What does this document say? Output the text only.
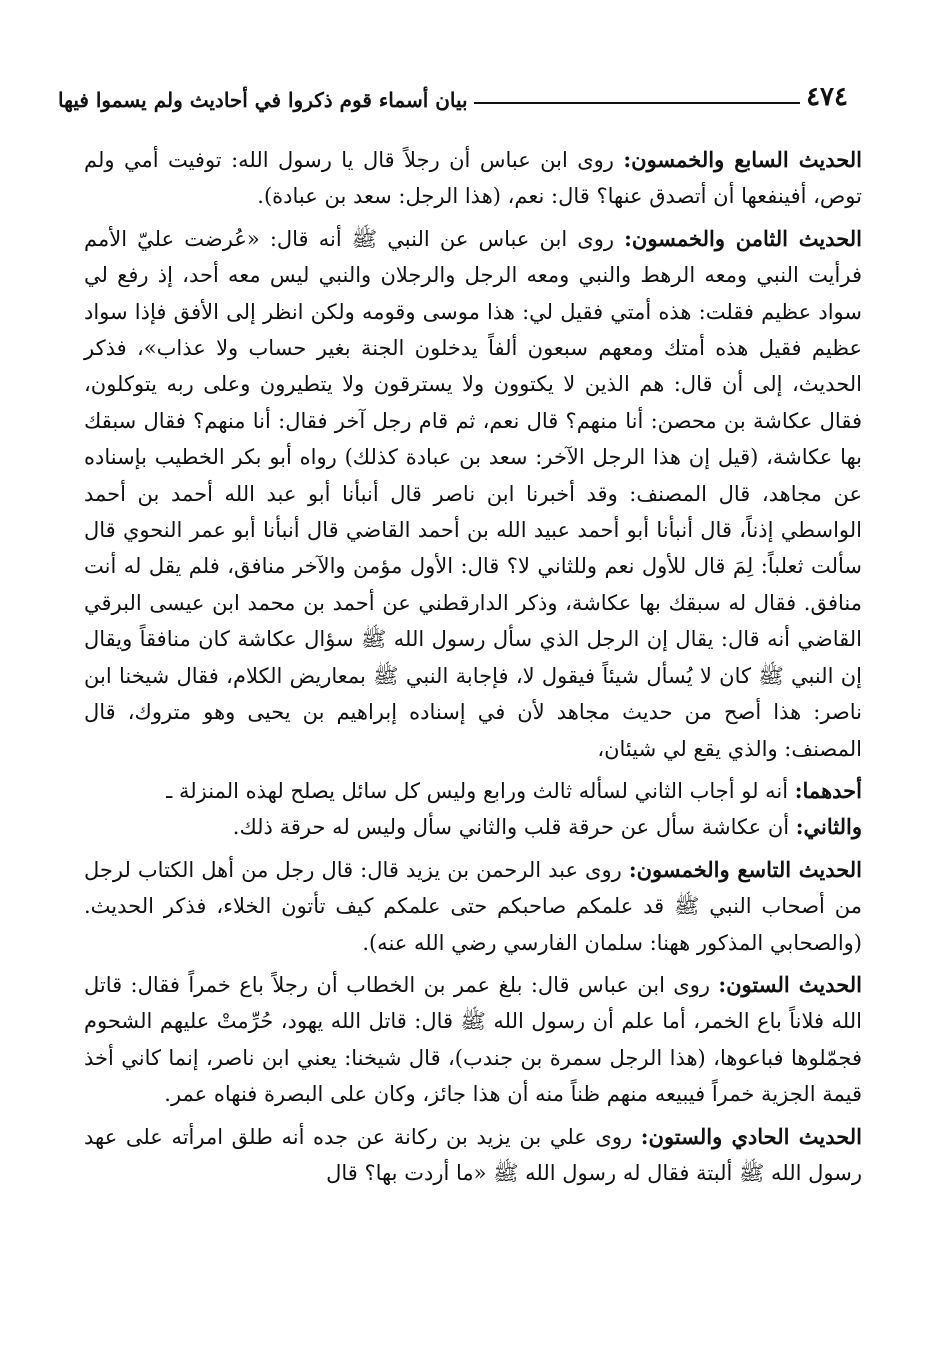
٤٧٤
بيان أسماء قوم ذكروا في أحاديث ولم يسموا فيها

الحديث السابع والخمسون: روى ابن عباس أن رجلاً قال يا رسول الله: توفيت أمي ولم توص، أفينفعها أن أتصدق عنها؟ قال: نعم، (هذا الرجل: سعد بن عبادة).

الحديث الثامن والخمسون: روى ابن عباس عن النبي ﷺ أنه قال: «عُرضت عليّ الأمم فرأيت النبي ومعه الرهط والنبي ومعه الرجل والرجلان والنبي ليس معه أحد، إذ رفع لي سواد عظيم فقلت: هذه أمتي فقيل لي: هذا موسى وقومه ولكن انظر إلى الأفق فإذا سواد عظيم فقيل هذه أمتك ومعهم سبعون ألفاً يدخلون الجنة بغير حساب ولا عذاب»، فذكر الحديث، إلى أن قال: هم الذين لا يكتوون ولا يسترقون ولا يتطيرون وعلى ربه يتوكلون، فقال عكاشة بن محصن: أنا منهم؟ قال نعم، ثم قام رجل آخر فقال: أنا منهم؟ فقال سبقك بها عكاشة، (قيل إن هذا الرجل الآخر: سعد بن عبادة كذلك) رواه أبو بكر الخطيب بإسناده عن مجاهد، قال المصنف: وقد أخبرنا ابن ناصر قال أنبأنا أبو عبد الله أحمد بن أحمد الواسطي إذناً، قال أنبأنا أبو أحمد عبيد الله بن أحمد القاضي قال أنبأنا أبو عمر النحوي قال سألت ثعلباً: لِمَ قال للأول نعم وللثاني لا؟ قال: الأول مؤمن والآخر منافق، فلم يقل له أنت منافق. فقال له سبقك بها عكاشة، وذكر الدارقطني عن أحمد بن محمد ابن عيسى البرقي القاضي أنه قال: يقال إن الرجل الذي سأل رسول الله ﷺ سؤال عكاشة كان منافقاً ويقال إن النبي ﷺ كان لا يُسأل شيئاً فيقول لا، فإجابة النبي ﷺ بمعاريض الكلام، فقال شيخنا ابن ناصر: هذا أصح من حديث مجاهد لأن في إسناده إبراهيم بن يحيى وهو متروك، قال المصنف: والذي يقع لي شيئان،

أحدهما: أنه لو أجاب الثاني لسأله ثالث ورابع وليس كل سائل يصلح لهذه المنزلة ـ

والثاني: أن عكاشة سأل عن حرقة قلب والثاني سأل وليس له حرقة ذلك.

الحديث التاسع والخمسون: روى عبد الرحمن بن يزيد قال: قال رجل من أهل الكتاب لرجل من أصحاب النبي ﷺ قد علمكم صاحبكم حتى علمكم كيف تأتون الخلاء، فذكر الحديث. (والصحابي المذكور ههنا: سلمان الفارسي رضي الله عنه).

الحديث الستون: روى ابن عباس قال: بلغ عمر بن الخطاب أن رجلاً باع خمراً فقال: قاتل الله فلاناً باع الخمر، أما علم أن رسول الله ﷺ قال: قاتل الله يهود، حُرِّمتْ عليهم الشحوم فجمّلوها فباعوها، (هذا الرجل سمرة بن جندب)، قال شيخنا: يعني ابن ناصر، إنما كاني أخذ قيمة الجزية خمراً فيبيعه منهم ظناً منه أن هذا جائز، وكان على البصرة فنهاه عمر.

الحديث الحادي والستون: روى علي بن يزيد بن ركانة عن جده أنه طلق امرأته على عهد رسول الله ﷺ ألبتة فقال له رسول الله ﷺ «ما أردت بها؟ قال
